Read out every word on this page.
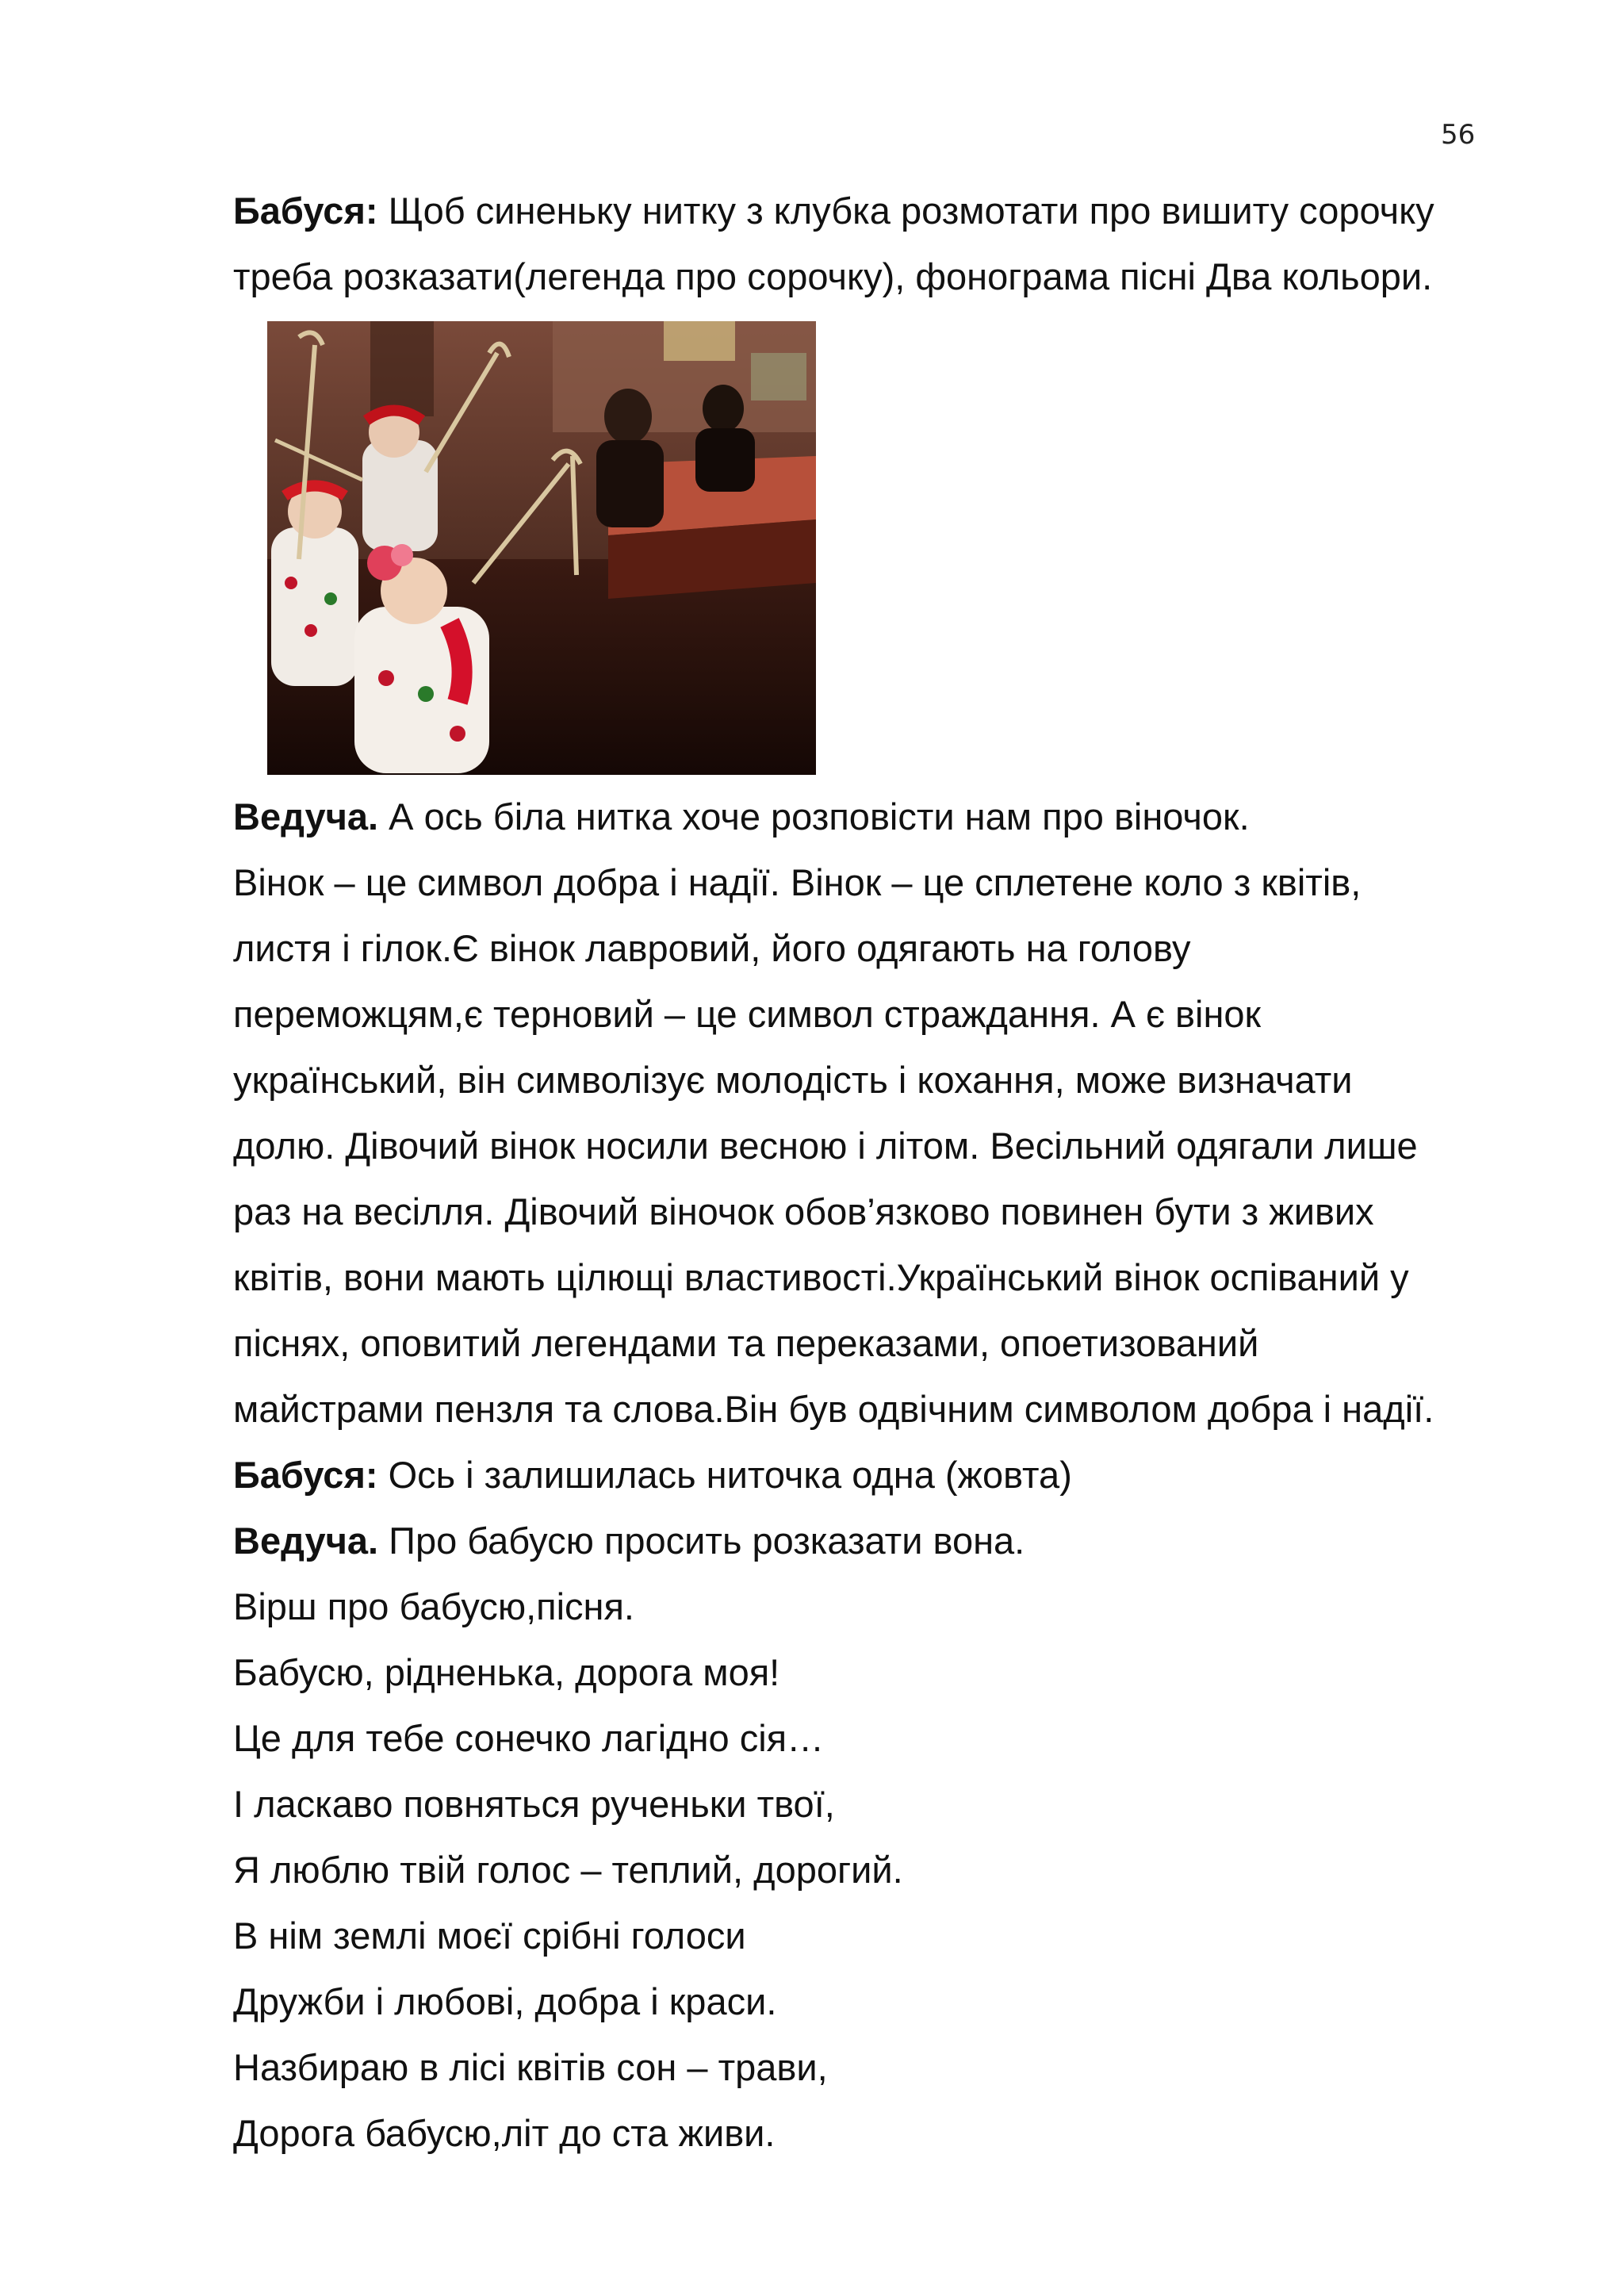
56
Бабуся: Щоб синеньку нитку з клубка розмотати про вишиту сорочку
треба розказати(легенда про сорочку), фонограма пісні Два кольори.
Ведуча. А ось біла нитка хоче розповісти нам про віночок.
Вінок – це символ добра і надії. Вінок – це сплетене коло з квітів,
листя і гілок.Є вінок лавровий, його одягають на голову
переможцям,є терновий – це символ страждання. А є вінок
український, він символізує молодість і кохання, може визначати
долю. Дівочий вінок носили весною і літом. Весільний одягали лише
раз на весілля. Дівочий віночок обов’язково повинен бути з живих
квітів, вони мають цілющі властивості.Український вінок оспіваний у
піснях, оповитий легендами та переказами, опоетизований
майстрами пензля та слова.Він був одвічним символом добра і надії.
Бабуся: Ось і залишилась ниточка одна (жовта)
Ведуча. Про бабусю просить розказати вона.
Вірш про бабусю,пісня.
Бабусю, рідненька, дорога моя!
Це для тебе сонечко лагідно сія…
І ласкаво повняться рученьки твої,
Я люблю твій голос – теплий, дорогий.
В нім землі моєї срібні голоси
Дружби і любові, добра і краси.
Назбираю в лісі квітів сон – трави,
Дорога бабусю,літ до ста живи.
